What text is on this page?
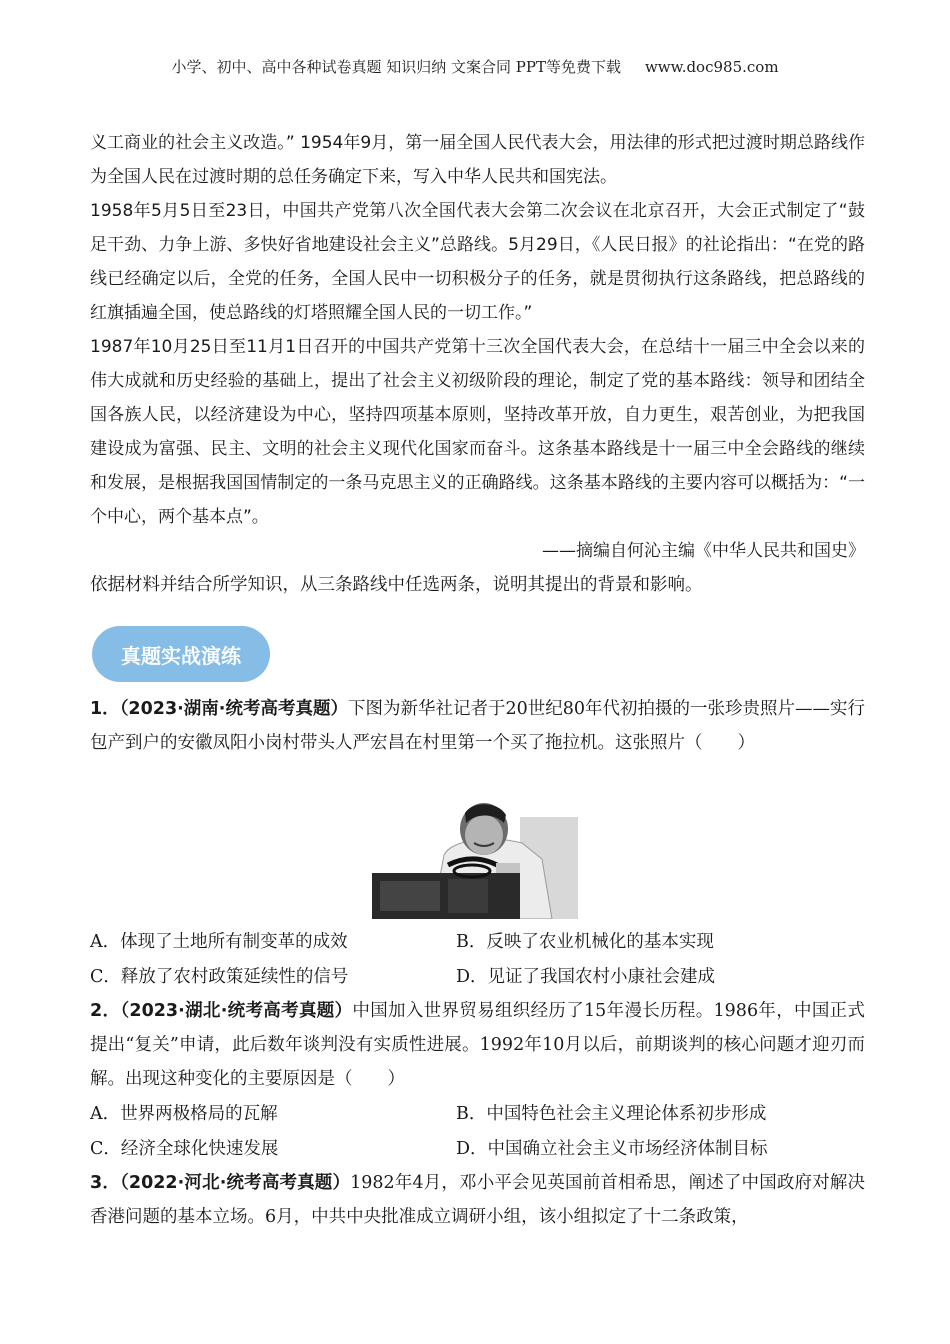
小学、初中、高中各种试卷真题 知识归纳 文案合同 PPT等免费下载 www.doc985.com

义工商业的社会主义改造。” 1954年9月，第一届全国人民代表大会，用法律的形式把过渡时期总路线作为全国人民在过渡时期的总任务确定下来，写入中华人民共和国宪法。

1958年5月5日至23日，中国共产党第八次全国代表大会第二次会议在北京召开，大会正式制定了“鼓足干劲、力争上游、多快好省地建设社会主义”总路线。5月29日，《人民日报》的社论指出：“在党的路线已经确定以后，全党的任务，全国人民中一切积极分子的任务，就是贯彻执行这条路线，把总路线的红旗插遍全国，使总路线的灯塔照耀全国人民的一切工作。”

1987年10月25日至11月1日召开的中国共产党第十三次全国代表大会，在总结十一届三中全会以来的伟大成就和历史经验的基础上，提出了社会主义初级阶段的理论，制定了党的基本路线：领导和团结全国各族人民，以经济建设为中心，坚持四项基本原则，坚持改革开放，自力更生，艰苦创业，为把我国建设成为富强、民主、文明的社会主义现代化国家而奋斗。这条基本路线是十一届三中全会路线的继续和发展，是根据我国国情制定的一条马克思主义的正确路线。这条基本路线的主要内容可以概括为：“一个中心，两个基本点”。

——摘编自何沁主编《中华人民共和国史》

依据材料并结合所学知识，从三条路线中任选两条，说明其提出的背景和影响。

真题实战演练
1．（2023·湖南·统考高考真题）下图为新华社记者于20世纪80年代初拍摄的一张珍贵照片——实行包产到户的安徽凤阳小岗村带头人严宏昌在村里第一个买了拖拉机。这张照片（　　）
A．体现了土地所有制变革的成效	B．反映了农业机械化的基本实现
C．释放了农村政策延续性的信号	D．见证了我国农村小康社会建成
2．（2023·湖北·统考高考真题）中国加入世界贸易组织经历了15年漫长历程。1986年，中国正式提出“复关”申请，此后数年谈判没有实质性进展。1992年10月以后，前期谈判的核心问题才迎刃而解。出现这种变化的主要原因是（　　）
A．世界两极格局的瓦解	B．中国特色社会主义理论体系初步形成
C．经济全球化快速发展	D．中国确立社会主义市场经济体制目标
3．（2022·河北·统考高考真题）1982年4月，邓小平会见英国前首相希思，阐述了中国政府对解决香港问题的基本立场。6月，中共中央批准成立调研小组，该小组拟定了十二条政策，
